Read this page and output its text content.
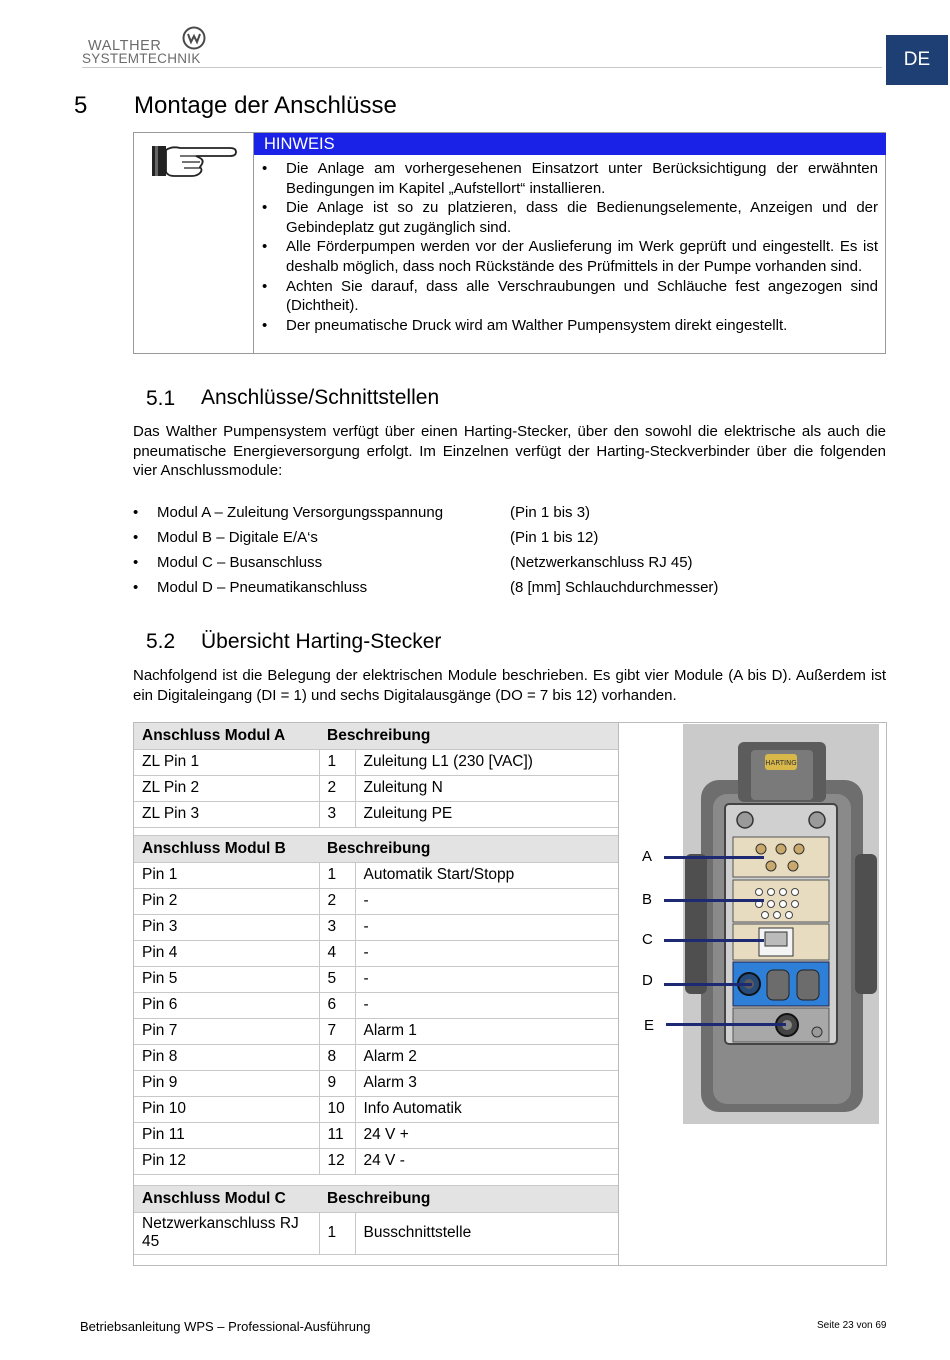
WALTHER
SYSTEMTECHNIK	DE
5 Montage der Anschlüsse
HINWEIS
• Die Anlage am vorhergesehenen Einsatzort unter Berücksichtigung der erwähnten Bedingungen im Kapitel „Aufstellort“ installieren.
• Die Anlage ist so zu platzieren, dass die Bedienungselemente, Anzeigen und der Gebindeplatz gut zugänglich sind.
• Alle Förderpumpen werden vor der Auslieferung im Werk geprüft und eingestellt. Es ist deshalb möglich, dass noch Rückstände des Prüfmittels in der Pumpe vorhanden sind.
• Achten Sie darauf, dass alle Verschraubungen und Schläuche fest angezogen sind (Dichtheit).
• Der pneumatische Druck wird am Walther Pumpensystem direkt eingestellt.
5.1 Anschlüsse/Schnittstellen
Das Walther Pumpensystem verfügt über einen Harting-Stecker, über den sowohl die elektrische als auch die pneumatische Energieversorgung erfolgt. Im Einzelnen verfügt der Harting-Steckverbinder über die folgenden vier Anschlussmodule:
• Modul A – Zuleitung Versorgungsspannung	(Pin 1 bis 3)
• Modul B – Digitale E/A‘s	(Pin 1 bis 12)
• Modul C – Busanschluss	(Netzwerkanschluss RJ 45)
• Modul D – Pneumatikanschluss	(8 [mm] Schlauchdurchmesser)
5.2 Übersicht Harting-Stecker
Nachfolgend ist die Belegung der elektrischen Module beschrieben. Es gibt vier Module (A bis D). Außerdem ist ein Digitaleingang (DI = 1) und sechs Digitalausgänge (DO = 7 bis 12) vorhanden.
Anschluss Modul A	Beschreibung	
ZL Pin 1	1	Zuleitung L1 (230 [VAC])
ZL Pin 2	2	Zuleitung N
ZL Pin 3	3	Zuleitung PE
Anschluss Modul B	Beschreibung	
Pin 1	1	Automatik Start/Stopp
Pin 2	2	-
Pin 3	3	-
Pin 4	4	-
Pin 5	5	-
Pin 6	6	-
Pin 7	7	Alarm 1
Pin 8	8	Alarm 2
Pin 9	9	Alarm 3
Pin 10	10	Info Automatik
Pin 11	11	24 V +
Pin 12	12	24 V -
Anschluss Modul C	Beschreibung	
Netzwerkanschluss RJ 45	1	Busschnittstelle
HARTING
A
B
C
D
E
Betriebsanleitung WPS – Professional-Ausführung	Seite 23 von 69
